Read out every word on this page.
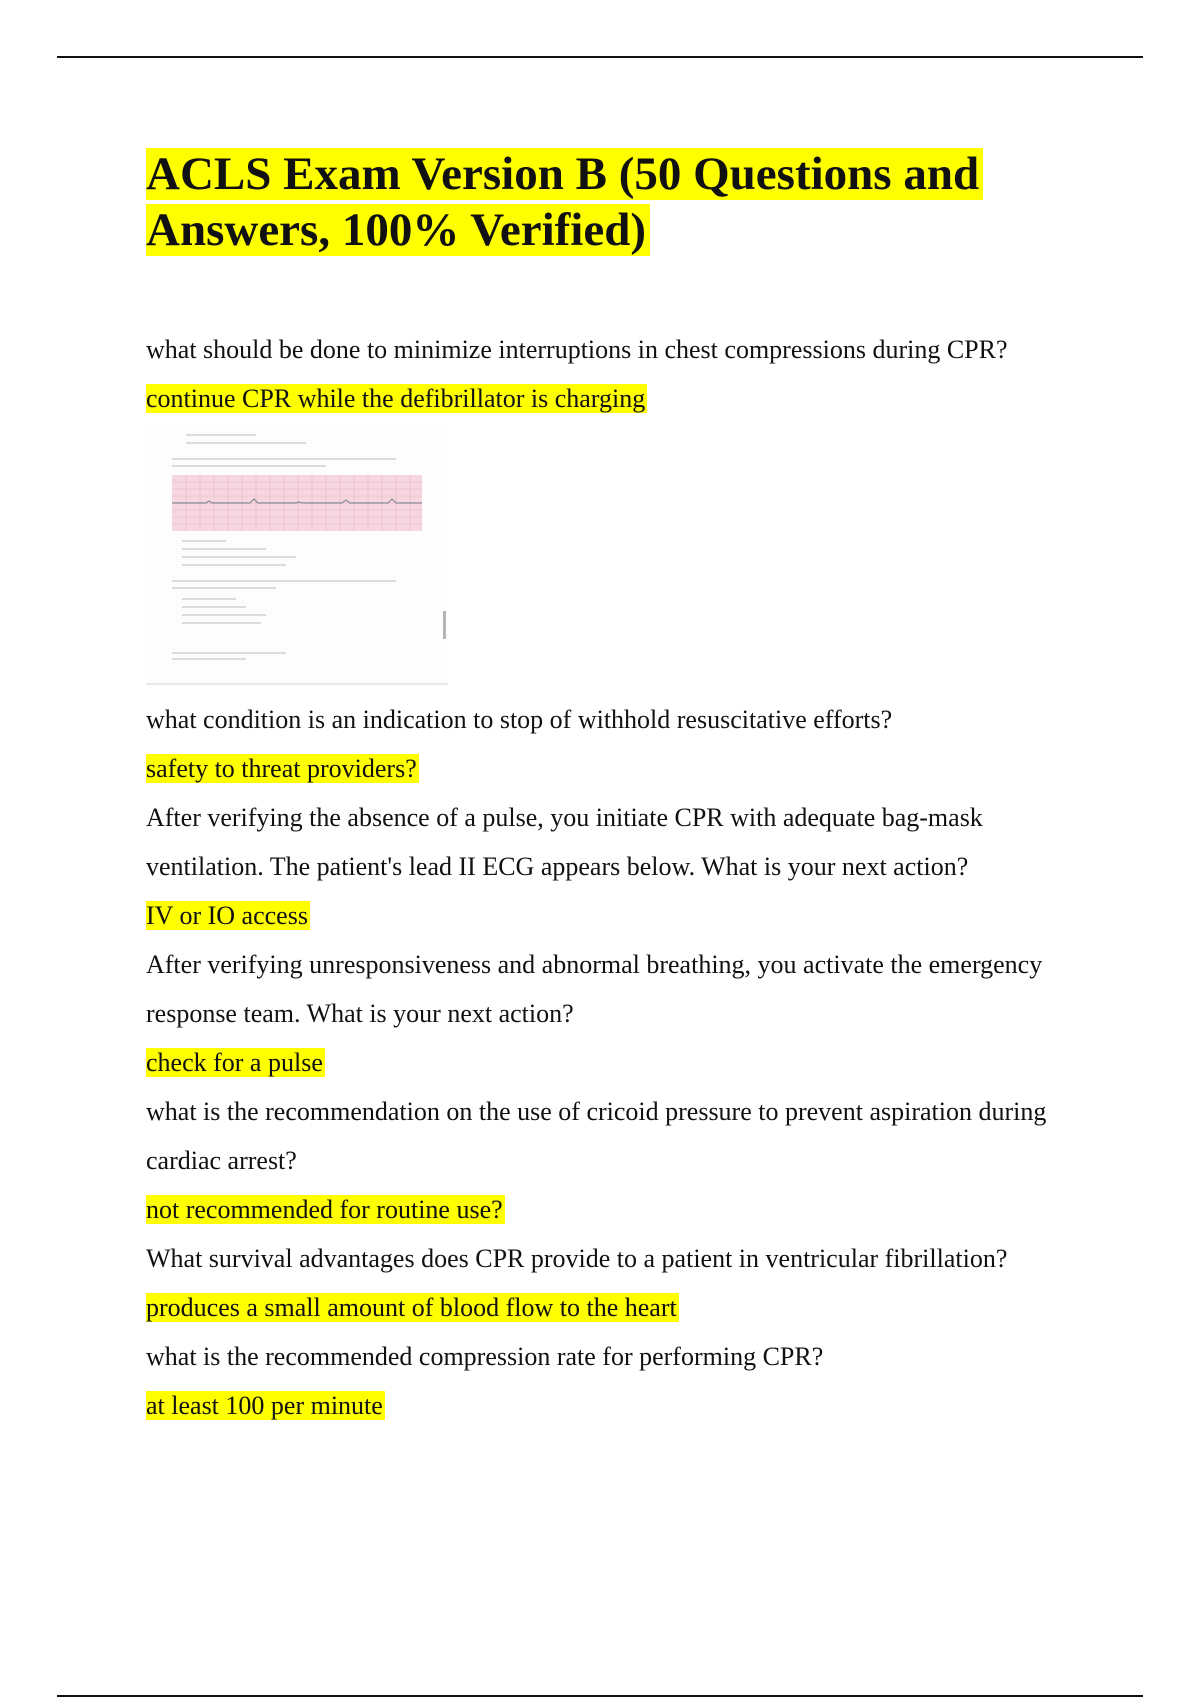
ACLS Exam Version B (50 Questions and Answers, 100% Verified)

what should be done to minimize interruptions in chest compressions during CPR?

continue CPR while the defibrillator is charging

what condition is an indication to stop of withhold resuscitative efforts?

safety to threat providers?

After verifying the absence of a pulse, you initiate CPR with adequate bag-mask ventilation. The patient's lead II ECG appears below. What is your next action?

IV or IO access

After verifying unresponsiveness and abnormal breathing, you activate the emergency response team. What is your next action?

check for a pulse

what is the recommendation on the use of cricoid pressure to prevent aspiration during cardiac arrest?

not recommended for routine use?

What survival advantages does CPR provide to a patient in ventricular fibrillation?

produces a small amount of blood flow to the heart

what is the recommended compression rate for performing CPR?

at least 100 per minute
